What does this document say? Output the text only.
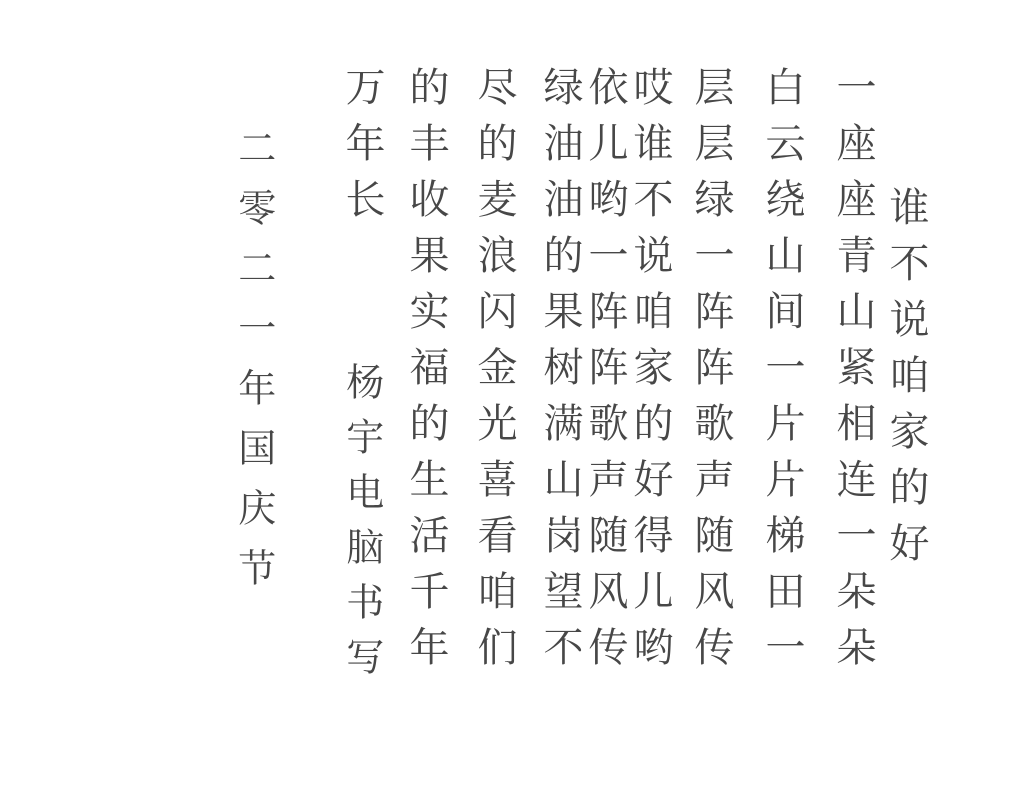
谁不说咱家的好
一座座青山紧相连一朵朵
白云绕山间一片片梯田一
层层绿一阵阵歌声随风传
哎谁不说咱家的好得儿哟
依儿哟一阵阵歌声随风传
绿油油的果树满山岗望不
尽的麦浪闪金光喜看咱们
的丰收果实福的生活千年
万年长
杨宇电脑书写
二零二一年国庆节
